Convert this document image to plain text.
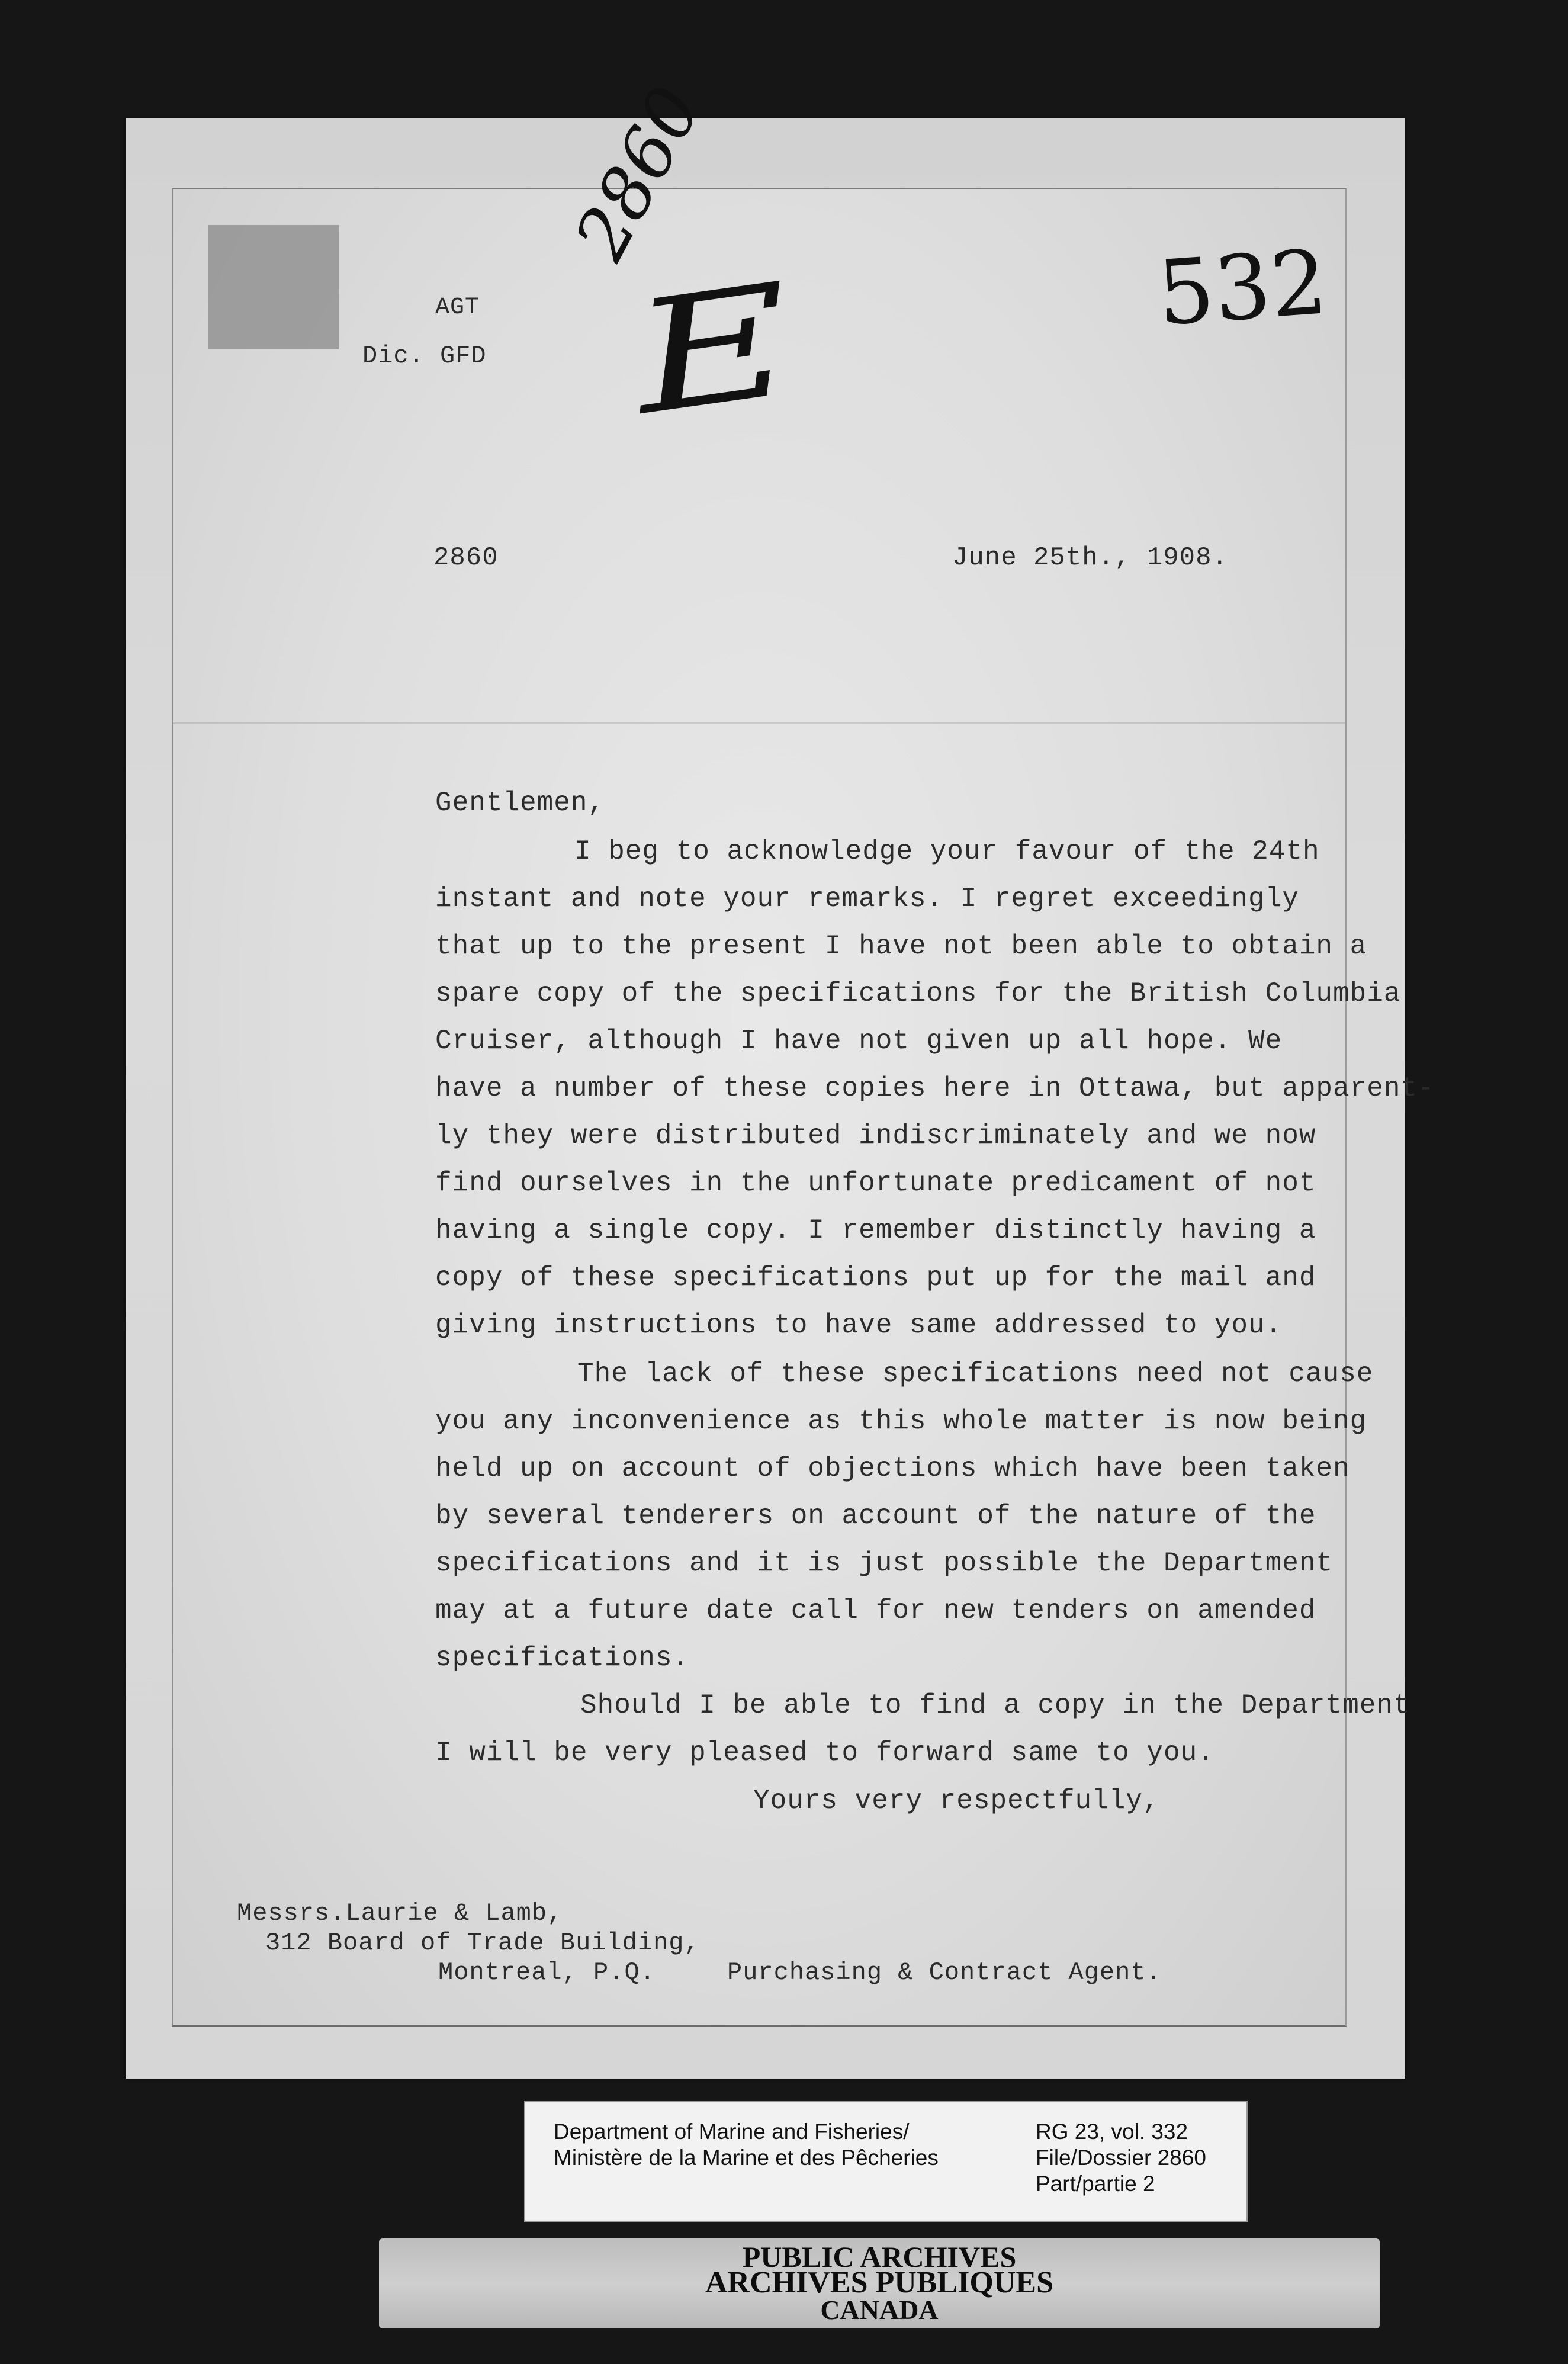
AGT
Dic. GFD
2860	June 25th., 1908.
2860
532
E
Gentlemen,
I beg to acknowledge your favour of the 24th
instant and note your remarks. I regret exceedingly
that up to the present I have not been able to obtain a
spare copy of the specifications for the British Columbia
Cruiser, although I have not given up all hope. We
have a number of these copies here in Ottawa, but apparent-
ly they were distributed indiscriminately and we now
find ourselves in the unfortunate predicament of not
having a single copy. I remember distinctly having a
copy of these specifications put up for the mail and
giving instructions to have same addressed to you.
The lack of these specifications need not cause
you any inconvenience as this whole matter is now being
held up on account of objections which have been taken
by several tenderers on account of the nature of the
specifications and it is just possible the Department
may at a future date call for new tenders on amended
specifications.
Should I be able to find a copy in the Department
I will be very pleased to forward same to you.
Yours very respectfully,
Messrs.Laurie & Lamb,
312 Board of Trade Building,
Montreal, P.Q.	Purchasing & Contract Agent.
Department of Marine and Fisheries/
Ministère de la Marine et des Pêcheries
RG 23, vol. 332
File/Dossier 2860
Part/partie 2
PUBLIC ARCHIVES
ARCHIVES PUBLIQUES
CANADA
